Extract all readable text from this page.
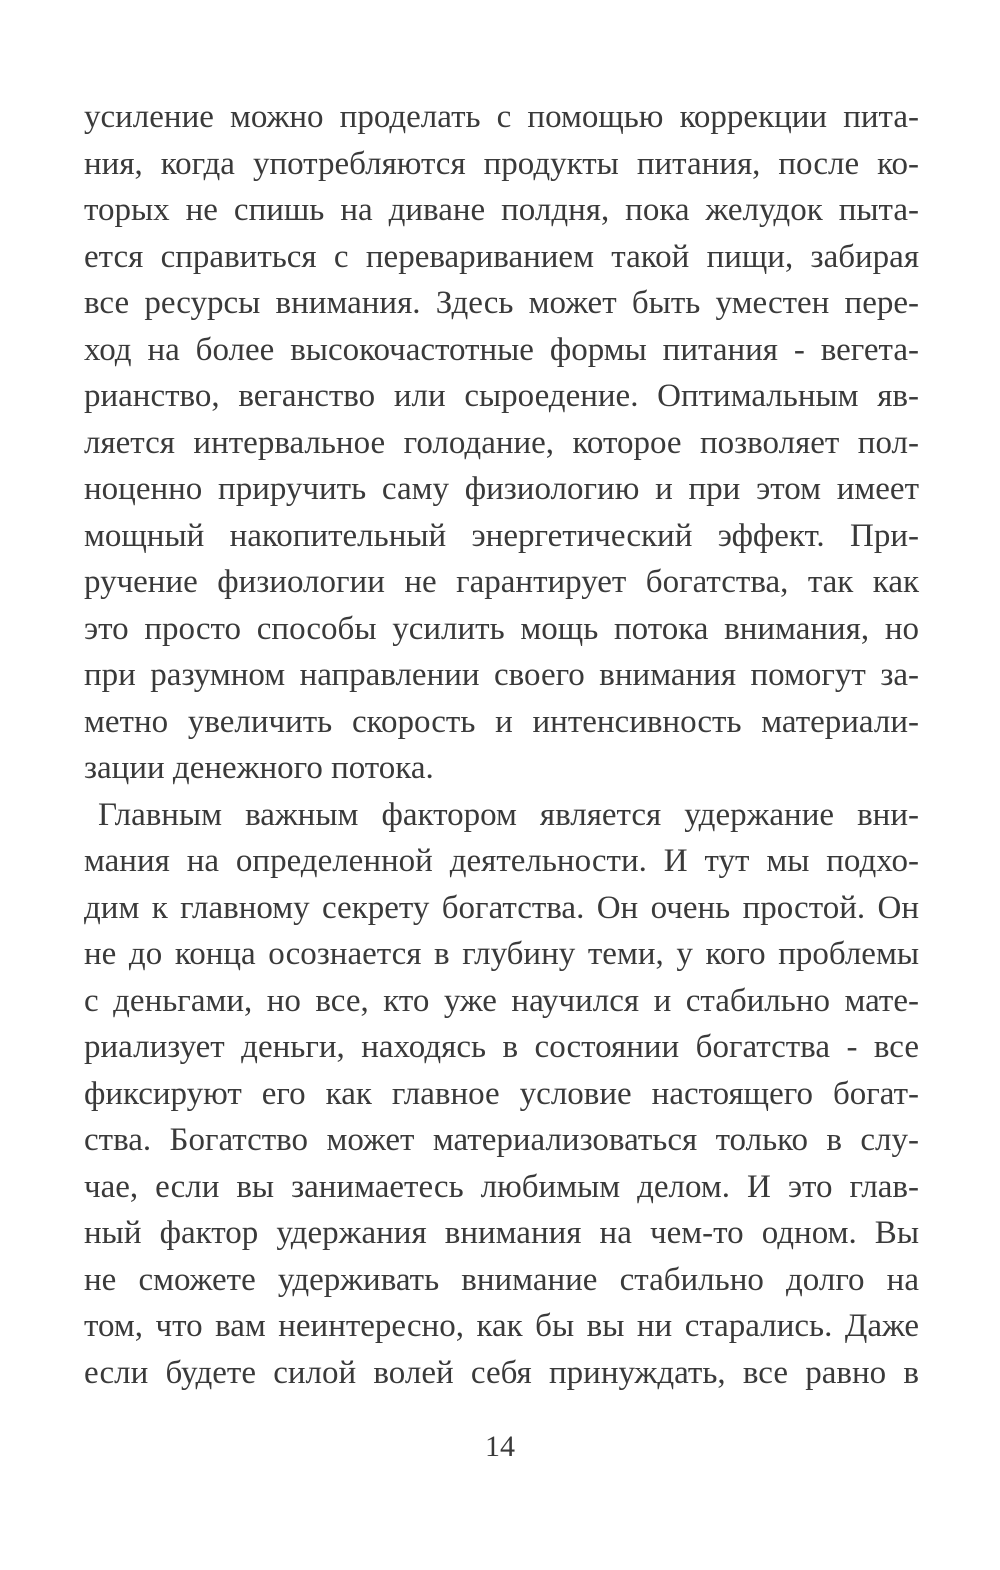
усиление можно проделать с помощью коррекции пита-
ния, когда употребляются продукты питания, после ко-
торых не спишь на диване полдня, пока желудок пыта-
ется справиться с перевариванием такой пищи, забирая
все ресурсы внимания. Здесь может быть уместен пере-
ход на более высокочастотные формы питания - вегета-
рианство, веганство или сыроедение. Оптимальным яв-
ляется интервальное голодание, которое позволяет пол-
ноценно приручить саму физиологию и при этом имеет
мощный накопительный энергетический эффект. При-
ручение физиологии не гарантирует богатства, так как
это просто способы усилить мощь потока внимания, но
при разумном направлении своего внимания помогут за-
метно увеличить скорость и интенсивность материали-
зации денежного потока.
Главным важным фактором является удержание вни-
мания на определенной деятельности. И тут мы подхо-
дим к главному секрету богатства. Он очень простой. Он
не до конца осознается в глубину теми, у кого проблемы
с деньгами, но все, кто уже научился и стабильно мате-
риализует деньги, находясь в состоянии богатства - все
фиксируют его как главное условие настоящего богат-
ства. Богатство может материализоваться только в слу-
чае, если вы занимаетесь любимым делом. И это глав-
ный фактор удержания внимания на чем-то одном. Вы
не сможете удерживать внимание стабильно долго на
том, что вам неинтересно, как бы вы ни старались. Даже
если будете силой волей себя принуждать, все равно в
14
